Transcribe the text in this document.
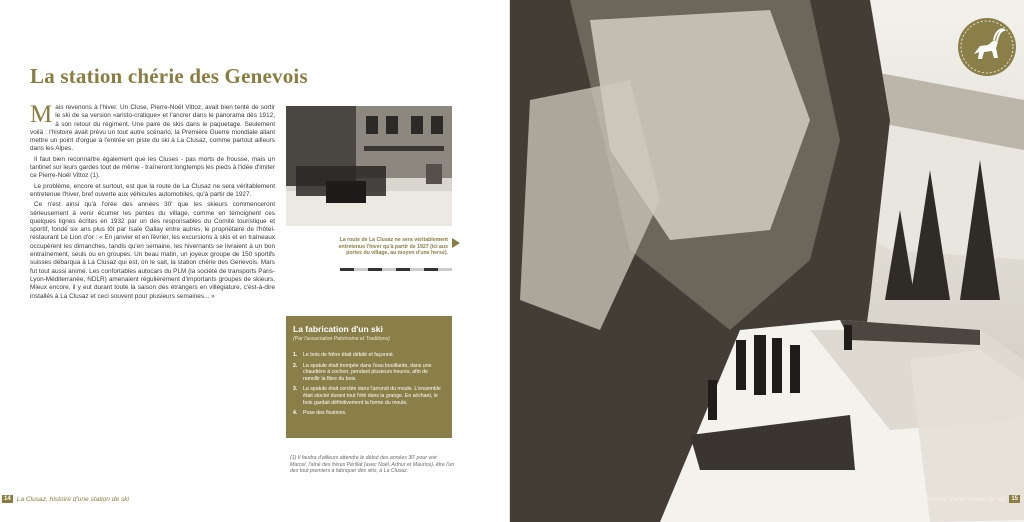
La station chérie des Genevois

Mais revenons à l'hiver. Un Cluse, Pierre-Noël Vittoz, avait bien tenté de sortir le ski de sa version «aristo-cratique» et l'ancrer dans le panorama dès 1912, à son retour du régiment. Une paire de skis dans le paquetage. Seulement voilà : l'histoire avait prévu un tout autre scénario, la Première Guerre mondiale allant mettre un point d'orgue à l'entrée en piste du ski à La Clusaz, comme partout ailleurs dans les Alpes.

Il faut bien reconnaître également que les Cluses - pas morts de frousse, mais un tantinet sur leurs gardes tout de même - traîneront longtemps les pieds à l'idée d'imiter ce Pierre-Noël Vittoz (1).

Le problème, encore et surtout, est que la route de La Clusaz ne sera véritablement entretenue l'hiver, bref ouverte aux véhicules automobiles, qu'à partir de 1927.

Ce n'est ainsi qu'à l'orée des années 30' que les skieurs commenceront sérieusement à venir écumer les pentes du village, comme en témoignent ces quelques lignes écrites en 1932 par un des responsables du Comité touristique et sportif, fondé six ans plus tôt par Isaïe Gallay entre autres, le propriétaire de l'hôtel-restaurant Le Lion d'or : « En janvier et en février, les excursions à skis et en traîneaux occupèrent les dimanches, tandis qu'en semaine, les hivernants se livraient à un bon entraînement, seuls ou en groupes. Un beau matin, un joyeux groupe de 150 sportifs suisses débarqua à La Clusaz qui est, on le sait, la station chérie des Genevois. Mars fut tout aussi animé. Les confortables autocars du PLM (la société de transports Paris-Lyon-Méditerranée, NDLR) amenaient régulièrement d'importants groupes de skieurs. Mieux encore, il y eut durant toute la saison des étrangers en villégiature, c'est-à-dire installés à La Clusaz et ceci souvent pour plusieurs semaines... »

La route de La Clusaz ne sera véritablement entretenue l'hiver qu'à partir de 1927 (ici aux portes du village, au moyen d'une herse).
La fabrication d'un ski
(Par l'association Patrimoine et Traditions)
1.	Le bois de frêne était débité et façonné.
2.	La spatule était trempée dans l'eau bouillante, dans une chaudière à cochon, pendant plusieurs heures, afin de ramollir la fibre du bois.
3.	La spatule était cerclée dans l'arrondi du moule. L'ensemble était stocké durant tout l'été dans la grange. En séchant, le bois gardait définitivement la forme du moule.
4.	Pose des fixations.
(1) Il faudra d'ailleurs attendre le début des années 30' pour voir Marcel, l'aîné des frères Périllat (avec Noël, Arthur et Maurice), être l'un des tout premiers à fabriquer des skis, à La Clusaz.
14 La Clusaz, histoire d'une station de ski	La Clusaz, histoire d'une station de ski	15
